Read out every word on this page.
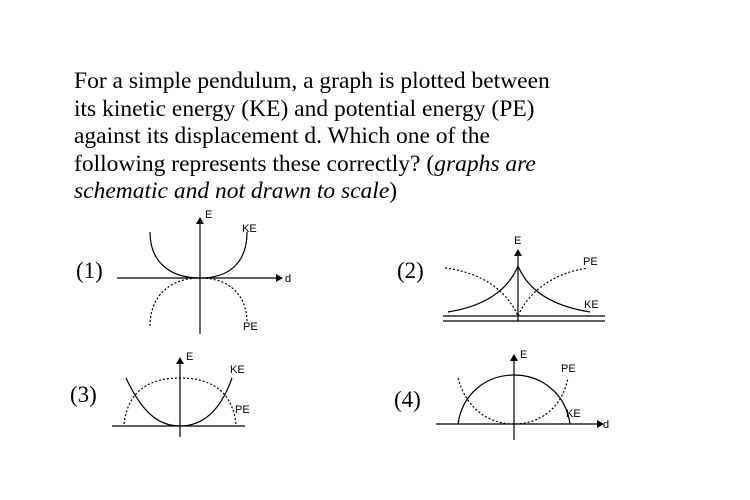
For a simple pendulum, a graph is plotted between
its kinetic energy (KE) and potential energy (PE)
against its displacement d. Which one of the
following represents these correctly? (graphs are
schematic and not drawn to scale)
(1)	(2)
(3)	(4)
E
d
KE
PE
E
PE
KE
E
KE
PE
E
d
PE
KE
